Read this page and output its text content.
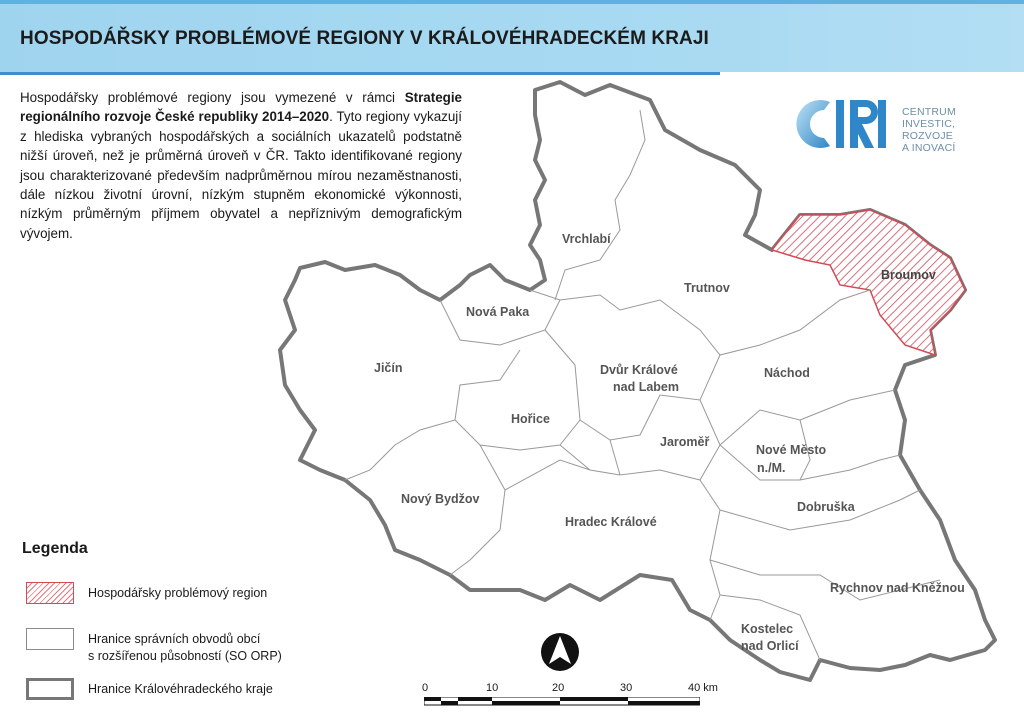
HOSPODÁŘSKY PROBLÉMOVÉ REGIONY V KRÁLOVÉHRADECKÉM KRAJI
Hospodářsky problémové regiony jsou vymezené v rámci Strategie regionálního rozvoje České republiky 2014–2020. Tyto regiony vykazují z hlediska vybraných hospodářských a sociálních ukazatelů podstatně nižší úroveň, než je průměrná úroveň v ČR. Takto identifikované regiony jsou charakterizované především nadprůměrnou mírou nezaměstnanosti, dále nízkou životní úrovní, nízkým stupněm ekonomické výkonnosti, nízkým průměrným příjmem obyvatel a nepříznivým demografickým vývojem.
CENTRUM
INVESTIC, ROZVOJE
A INOVACÍ
Vrchlabí
Trutnov
Broumov
Nová Paka
Jičín	Dvůr Králové
nad Labem
Náchod
Hořice
Jaroměř
Nové Město
n./M.
Nový Bydžov
Hradec Králové
Dobruška
Rychnov nad Kněžnou
Kostelec
nad Orlicí
Legenda
Hospodářsky problémový region
Hranice správních obvodů obcí
s rozšířenou působností (SO ORP)
Hranice Královéhradeckého kraje	0	10	20	30	40 km
